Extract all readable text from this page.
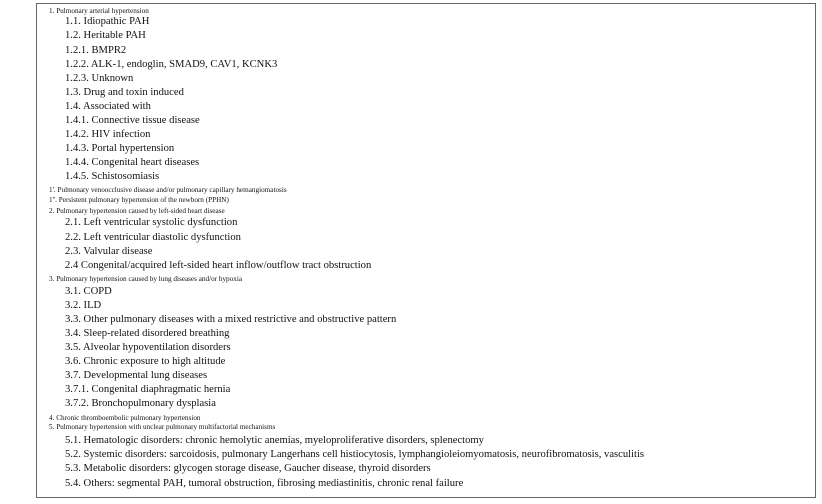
1. Pulmonary arterial hypertension
1.1. Idiopathic PAH
1.2. Heritable PAH
1.2.1. BMPR2
1.2.2. ALK-1, endoglin, SMAD9, CAV1, KCNK3
1.2.3. Unknown
1.3. Drug and toxin induced
1.4. Associated with
1.4.1. Connective tissue disease
1.4.2. HIV infection
1.4.3. Portal hypertension
1.4.4. Congenital heart diseases
1.4.5. Schistosomiasis
1'. Pulmonary venoocclusive disease and/or pulmonary capillary hemangiomatosis
1''. Persistent pulmonary hypertension of the newborn (PPHN)
2. Pulmonary hypertension caused by left-sided heart disease
2.1. Left ventricular systolic dysfunction
2.2. Left ventricular diastolic dysfunction
2.3. Valvular disease
2.4 Congenital/acquired left-sided heart inflow/outflow tract obstruction
3. Pulmonary hypertension caused by lung diseases and/or hypoxia
3.1. COPD
3.2. ILD
3.3. Other pulmonary diseases with a mixed restrictive and obstructive pattern
3.4. Sleep-related disordered breathing
3.5. Alveolar hypoventilation disorders
3.6. Chronic exposure to high altitude
3.7. Developmental lung diseases
3.7.1. Congenital diaphragmatic hernia
3.7.2. Bronchopulmonary dysplasia
4. Chronic thromboembolic pulmonary hypertension
5. Pulmonary hypertension with unclear pulmonary multifactorial mechanisms
5.1. Hematologic disorders: chronic hemolytic anemias, myeloproliferative disorders, splenectomy
5.2. Systemic disorders: sarcoidosis, pulmonary Langerhans cell histiocytosis, lymphangioleiomyomatosis, neurofibromatosis, vasculitis
5.3. Metabolic disorders: glycogen storage disease, Gaucher disease, thyroid disorders
5.4. Others: segmental PAH, tumoral obstruction, fibrosing mediastinitis, chronic renal failure
